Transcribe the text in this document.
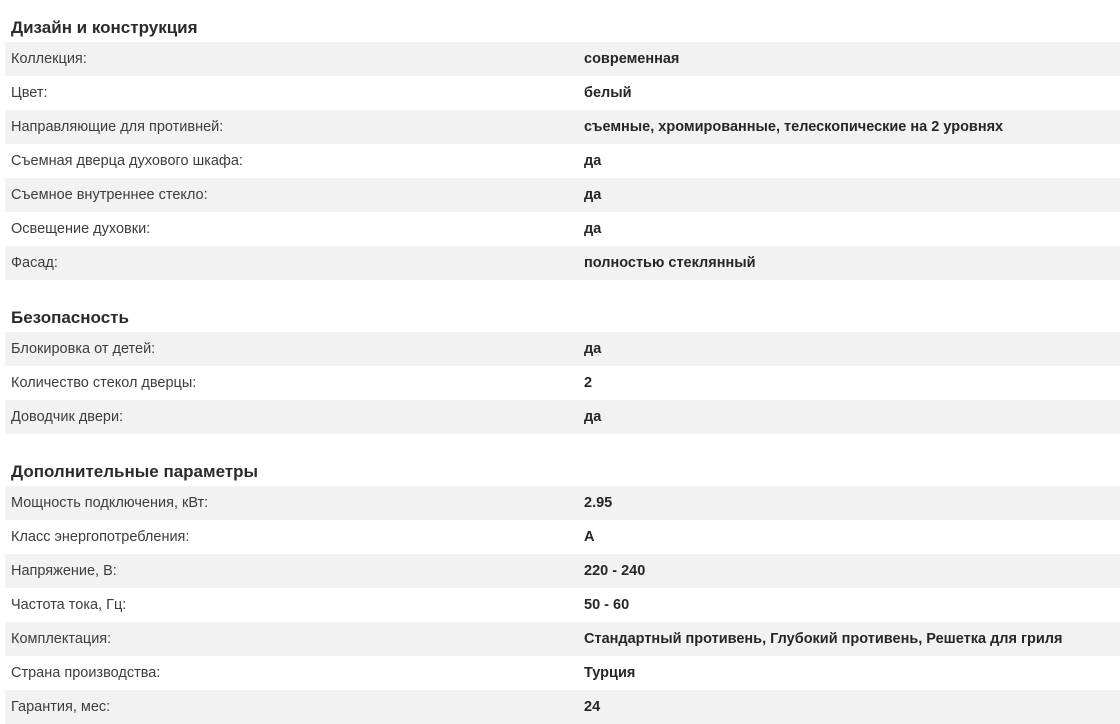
Дизайн и конструкция
Коллекция:	современная
Цвет:	белый
Направляющие для противней:	съемные, хромированные, телескопические на 2 уровнях
Съемная дверца духового шкафа:	да
Съемное внутреннее стекло:	да
Освещение духовки:	да
Фасад:	полностью стеклянный
Безопасность
Блокировка от детей:	да
Количество стекол дверцы:	2
Доводчик двери:	да
Дополнительные параметры
Мощность подключения, кВт:	2.95
Класс энергопотребления:	A
Напряжение, В:	220 - 240
Частота тока, Гц:	50 - 60
Комплектация:	Стандартный противень, Глубокий противень, Решетка для гриля
Страна производства:	Турция
Гарантия, мес:	24
